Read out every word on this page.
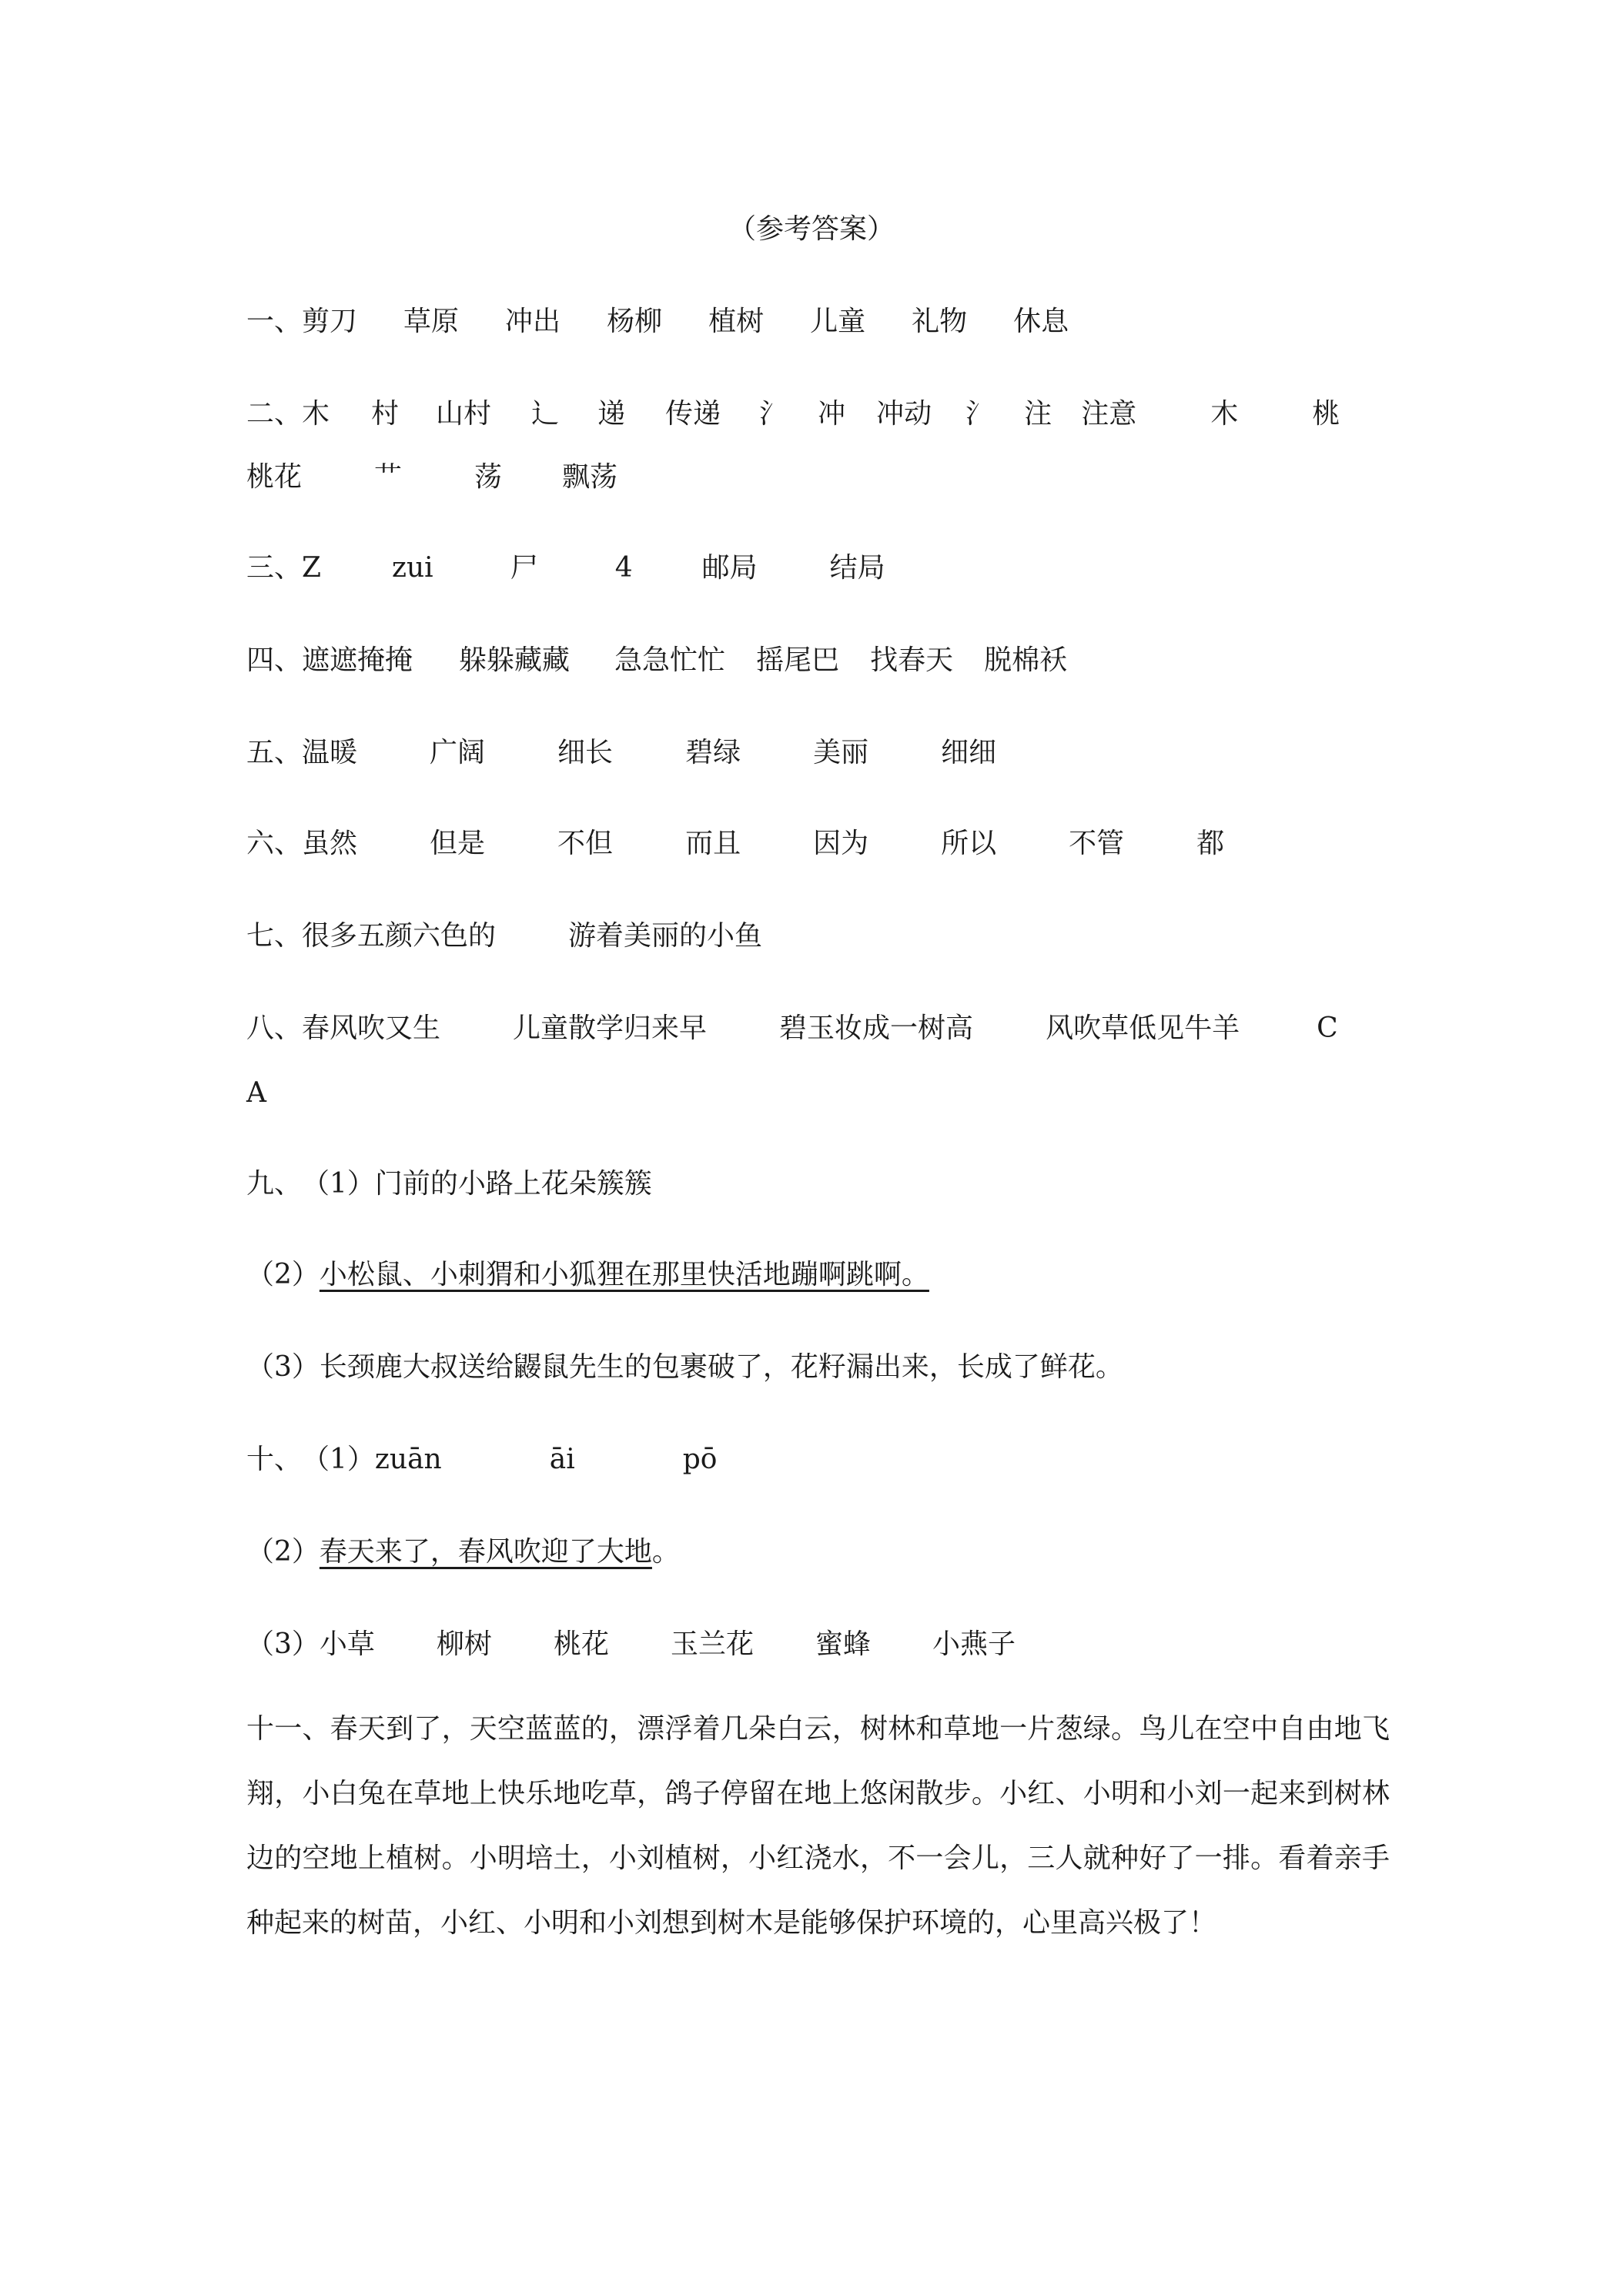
（参考答案）
一、剪刀 草原 冲出 杨柳 植树 儿童 礼物 休息
二、木 村 山村 辶 递 传递 氵 冲 冲动 氵 注 注意	木	桃
桃花	艹	荡 飘荡
三、Z	zui	尸	4	邮局	结局
四、遮遮掩掩 躲躲藏藏 急急忙忙 摇尾巴 找春天 脱棉袄
五、温暖	广阔	细长	碧绿	美丽	细细
六、虽然	但是	不但	而且	因为	所以	不管	都
七、很多五颜六色的	游着美丽的小鱼
八、春风吹又生	儿童散学归来早	碧玉妆成一树高	风吹草低见牛羊	C
A
九、（1）门前的小路上花朵簇簇
（2）小松鼠、小刺猬和小狐狸在那里快活地蹦啊跳啊。
（3）长颈鹿大叔送给鼹鼠先生的包裹破了，花籽漏出来，长成了鲜花。
十、（1）zuān	āi	pō
（2）春天来了，春风吹迎了大地。
（3）小草 柳树 桃花 玉兰花 蜜蜂 小燕子
十一、春天到了，天空蓝蓝的，漂浮着几朵白云，树林和草地一片葱绿。鸟儿在空中自由地飞翔，小白兔在草地上快乐地吃草，鸽子停留在地上悠闲散步。小红、小明和小刘一起来到树林边的空地上植树。小明培土，小刘植树，小红浇水，不一会儿，三人就种好了一排。看着亲手种起来的树苗，小红、小明和小刘想到树木是能够保护环境的，心里高兴极了！
